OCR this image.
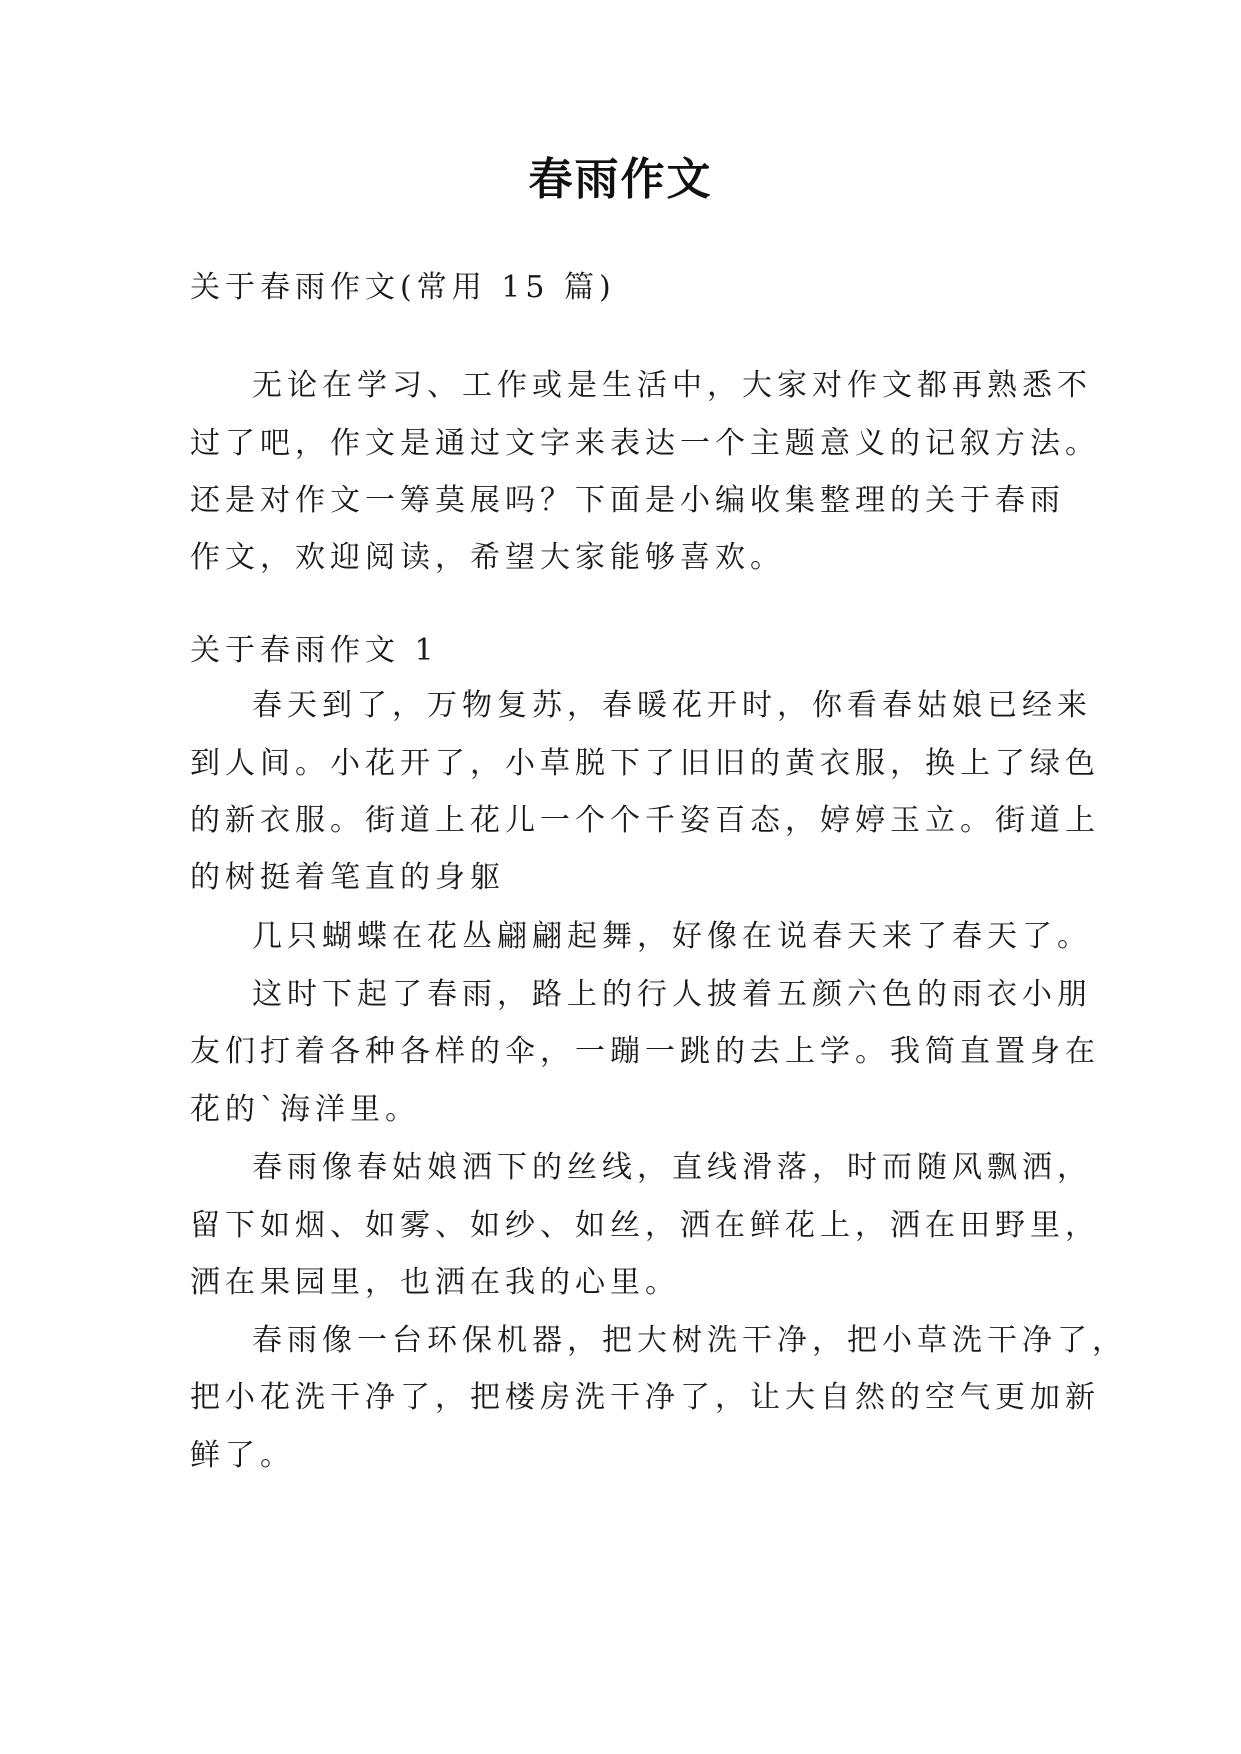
春雨作文
关于春雨作文(常用 15 篇)
无论在学习、工作或是生活中，大家对作文都再熟悉不
过了吧，作文是通过文字来表达一个主题意义的记叙方法。
还是对作文一筹莫展吗？下面是小编收集整理的关于春雨
作文，欢迎阅读，希望大家能够喜欢。
关于春雨作文 1
春天到了，万物复苏，春暖花开时，你看春姑娘已经来
到人间。小花开了，小草脱下了旧旧的黄衣服，换上了绿色
的新衣服。街道上花儿一个个千姿百态，婷婷玉立。街道上
的树挺着笔直的身躯
几只蝴蝶在花丛翩翩起舞，好像在说春天来了春天了。
这时下起了春雨，路上的行人披着五颜六色的雨衣小朋
友们打着各种各样的伞，一蹦一跳的去上学。我简直置身在
花的`海洋里。
春雨像春姑娘洒下的丝线，直线滑落，时而随风飘洒，
留下如烟、如雾、如纱、如丝，洒在鲜花上，洒在田野里，
洒在果园里，也洒在我的心里。
春雨像一台环保机器，把大树洗干净，把小草洗干净了，
把小花洗干净了，把楼房洗干净了，让大自然的空气更加新
鲜了。
